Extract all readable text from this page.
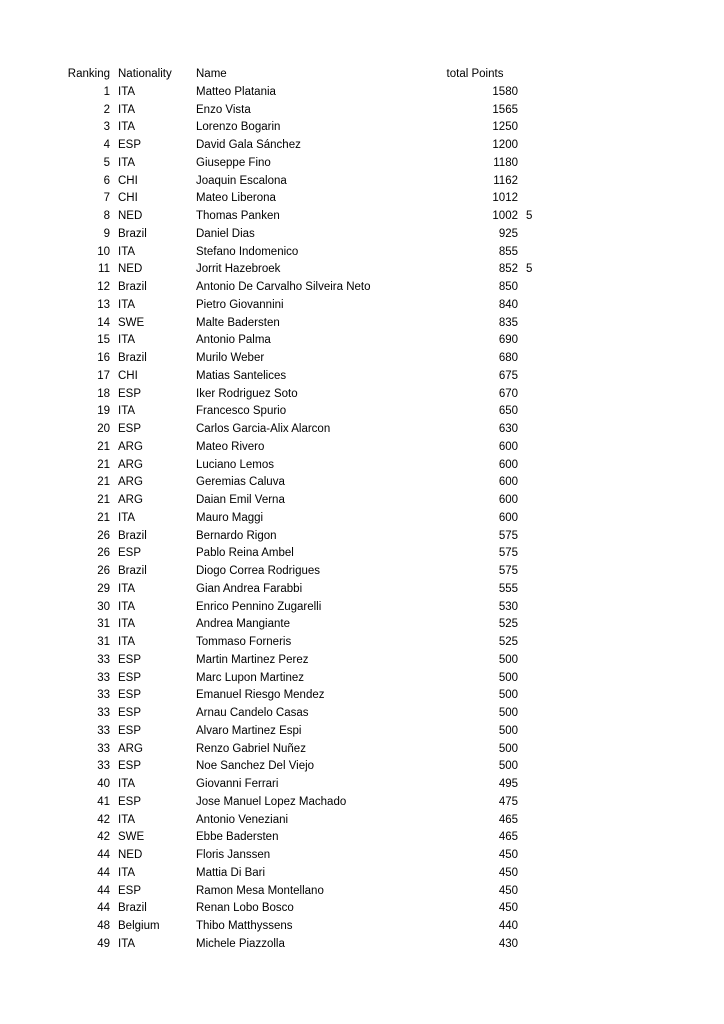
Ranking Nationality	Name	total Points
1 ITA	Matteo Platania	1580
2 ITA	Enzo Vista	1565
3 ITA	Lorenzo Bogarin	1250
4 ESP	David Gala Sánchez	1200
5 ITA	Giuseppe Fino	1180
6 CHI	Joaquin Escalona	1162
7 CHI	Mateo Liberona	1012
8 NED	Thomas Panken	1002 5
9 Brazil	Daniel Dias	925
10 ITA	Stefano Indomenico	855
11 NED	Jorrit Hazebroek	852 5
12 Brazil	Antonio De Carvalho Silveira Neto	850
13 ITA	Pietro Giovannini	840
14 SWE	Malte Badersten	835
15 ITA	Antonio Palma	690
16 Brazil	Murilo Weber	680
17 CHI	Matias Santelices	675
18 ESP	Iker Rodriguez Soto	670
19 ITA	Francesco Spurio	650
20 ESP	Carlos Garcia-Alix Alarcon	630
21 ARG	Mateo Rivero	600
21 ARG	Luciano Lemos	600
21 ARG	Geremias Caluva	600
21 ARG	Daian Emil Verna	600
21 ITA	Mauro Maggi	600
26 Brazil	Bernardo Rigon	575
26 ESP	Pablo Reina Ambel	575
26 Brazil	Diogo Correa Rodrigues	575
29 ITA	Gian Andrea Farabbi	555
30 ITA	Enrico Pennino Zugarelli	530
31 ITA	Andrea Mangiante	525
31 ITA	Tommaso Forneris	525
33 ESP	Martin Martinez Perez	500
33 ESP	Marc Lupon Martinez	500
33 ESP	Emanuel Riesgo Mendez	500
33 ESP	Arnau Candelo Casas	500
33 ESP	Alvaro Martinez Espi	500
33 ARG	Renzo Gabriel Nuñez	500
33 ESP	Noe Sanchez Del Viejo	500
40 ITA	Giovanni Ferrari	495
41 ESP	Jose Manuel Lopez Machado	475
42 ITA	Antonio Veneziani	465
42 SWE	Ebbe Badersten	465
44 NED	Floris Janssen	450
44 ITA	Mattia Di Bari	450
44 ESP	Ramon Mesa Montellano	450
44 Brazil	Renan Lobo Bosco	450
48 Belgium	Thibo Matthyssens	440
49 ITA	Michele Piazzolla	430
